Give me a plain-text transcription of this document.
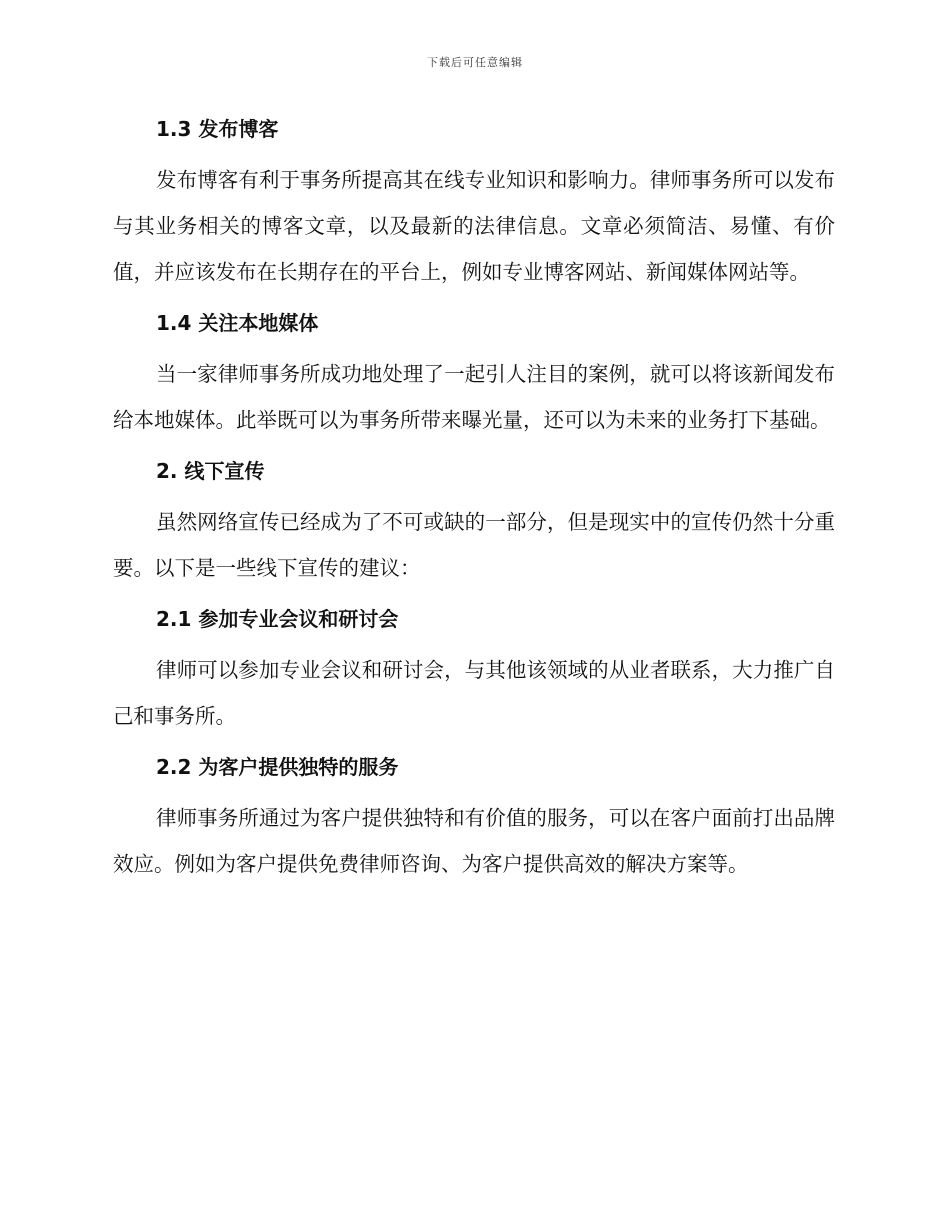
下载后可任意编辑
1.3 发布博客

发布博客有利于事务所提高其在线专业知识和影响力。律师事务所可以发布与其业务相关的博客文章，以及最新的法律信息。文章必须简洁、易懂、有价值，并应该发布在长期存在的平台上，例如专业博客网站、新闻媒体网站等。

1.4 关注本地媒体

当一家律师事务所成功地处理了一起引人注目的案例，就可以将该新闻发布给本地媒体。此举既可以为事务所带来曝光量，还可以为未来的业务打下基础。

2. 线下宣传

虽然网络宣传已经成为了不可或缺的一部分，但是现实中的宣传仍然十分重要。以下是一些线下宣传的建议：

2.1 参加专业会议和研讨会

律师可以参加专业会议和研讨会，与其他该领域的从业者联系，大力推广自己和事务所。

2.2 为客户提供独特的服务

律师事务所通过为客户提供独特和有价值的服务，可以在客户面前打出品牌效应。例如为客户提供免费律师咨询、为客户提供高效的解决方案等。
